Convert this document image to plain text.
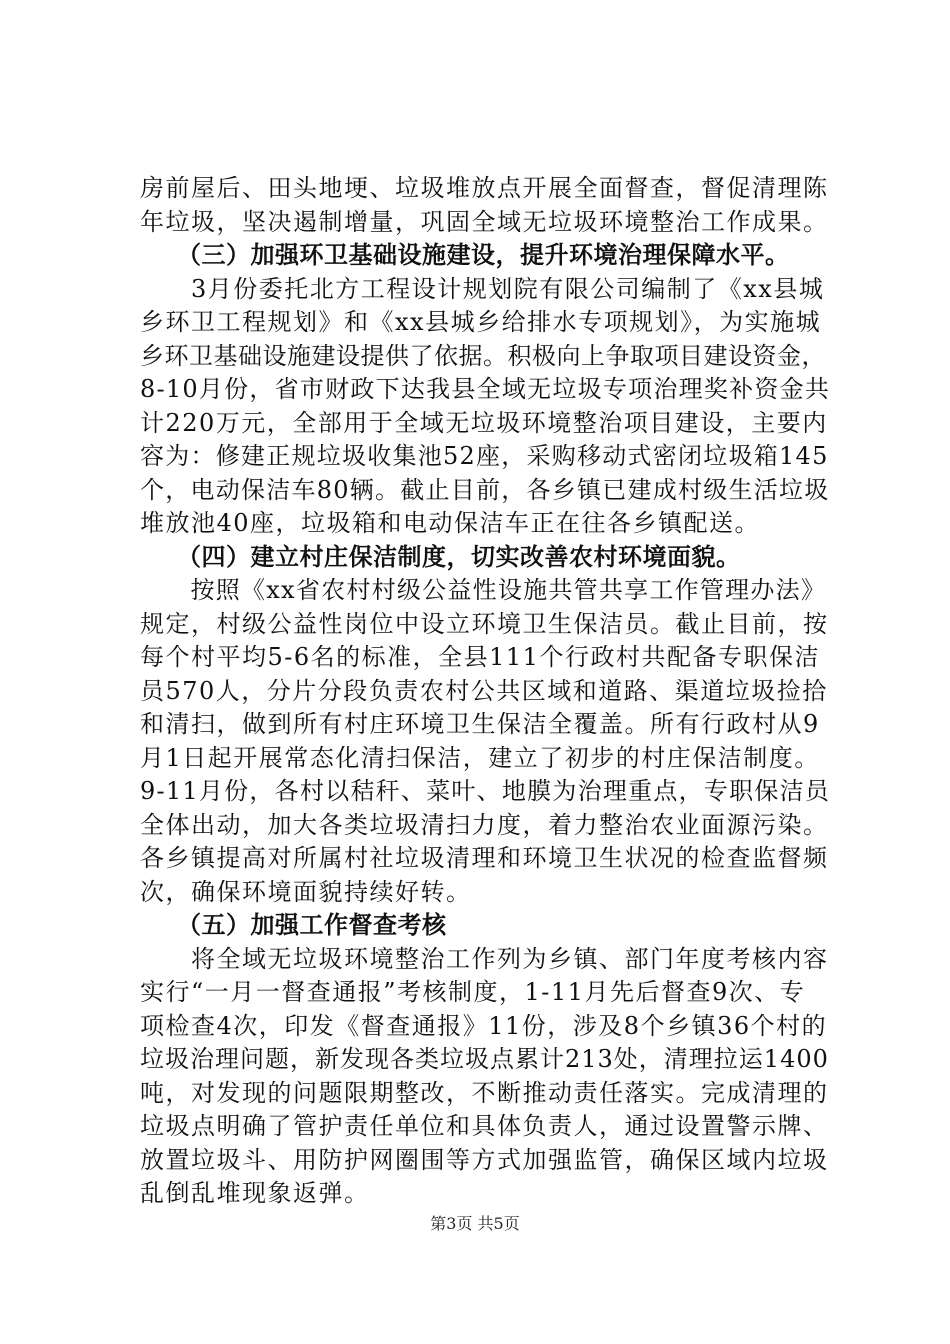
房前屋后、田头地埂、垃圾堆放点开展全面督查，督促清理陈
年垃圾，坚决遏制增量，巩固全域无垃圾环境整治工作成果。
　　（三）加强环卫基础设施建设，提升环境治理保障水平。
　　3月份委托北方工程设计规划院有限公司编制了《xx县城
乡环卫工程规划》和《xx县城乡给排水专项规划》，为实施城
乡环卫基础设施建设提供了依据。积极向上争取项目建设资金，
8-10月份，省市财政下达我县全域无垃圾专项治理奖补资金共
计220万元，全部用于全域无垃圾环境整治项目建设，主要内
容为：修建正规垃圾收集池52座，采购移动式密闭垃圾箱145
个，电动保洁车80辆。截止目前，各乡镇已建成村级生活垃圾
堆放池40座，垃圾箱和电动保洁车正在往各乡镇配送。
　　（四）建立村庄保洁制度，切实改善农村环境面貌。
　　按照《xx省农村村级公益性设施共管共享工作管理办法》
规定，村级公益性岗位中设立环境卫生保洁员。截止目前，按
每个村平均5-6名的标准，全县111个行政村共配备专职保洁
员570人，分片分段负责农村公共区域和道路、渠道垃圾捡拾
和清扫，做到所有村庄环境卫生保洁全覆盖。所有行政村从9
月1日起开展常态化清扫保洁，建立了初步的村庄保洁制度。
9-11月份，各村以秸秆、菜叶、地膜为治理重点，专职保洁员
全体出动，加大各类垃圾清扫力度，着力整治农业面源污染。
各乡镇提高对所属村社垃圾清理和环境卫生状况的检查监督频
次，确保环境面貌持续好转。
　　（五）加强工作督查考核
　　将全域无垃圾环境整治工作列为乡镇、部门年度考核内容
实行“一月一督查通报”考核制度，1-11月先后督查9次、专
项检查4次，印发《督查通报》11份，涉及8个乡镇36个村的
垃圾治理问题，新发现各类垃圾点累计213处，清理拉运1400
吨，对发现的问题限期整改，不断推动责任落实。完成清理的
垃圾点明确了管护责任单位和具体负责人，通过设置警示牌、
放置垃圾斗、用防护网圈围等方式加强监管，确保区域内垃圾
乱倒乱堆现象返弹。
第3页 共5页
